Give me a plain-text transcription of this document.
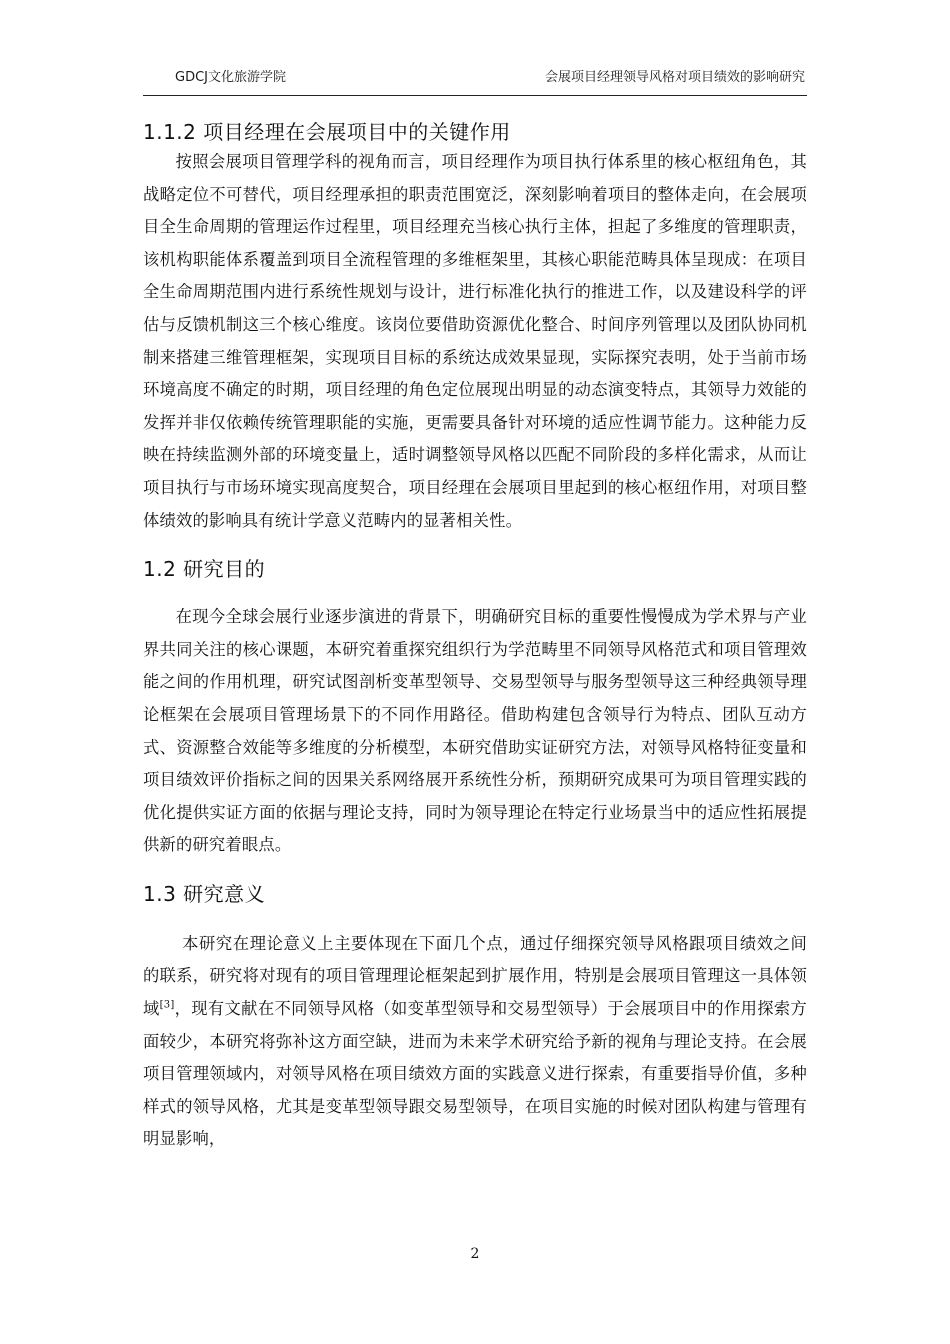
GDCJ文化旅游学院	会展项目经理领导风格对项目绩效的影响研究
1.1.2 项目经理在会展项目中的关键作用

按照会展项目管理学科的视角而言，项目经理作为项目执行体系里的核心枢纽角色，其战略定位不可替代，项目经理承担的职责范围宽泛，深刻影响着项目的整体走向，在会展项目全生命周期的管理运作过程里，项目经理充当核心执行主体，担起了多维度的管理职责，该机构职能体系覆盖到项目全流程管理的多维框架里，其核心职能范畴具体呈现成：在项目全生命周期范围内进行系统性规划与设计，进行标准化执行的推进工作，以及建设科学的评估与反馈机制这三个核心维度。该岗位要借助资源优化整合、时间序列管理以及团队协同机制来搭建三维管理框架，实现项目目标的系统达成效果显现，实际探究表明，处于当前市场环境高度不确定的时期，项目经理的角色定位展现出明显的动态演变特点，其领导力效能的发挥并非仅依赖传统管理职能的实施，更需要具备针对环境的适应性调节能力。这种能力反映在持续监测外部的环境变量上，适时调整领导风格以匹配不同阶段的多样化需求，从而让项目执行与市场环境实现高度契合，项目经理在会展项目里起到的核心枢纽作用，对项目整体绩效的影响具有统计学意义范畴内的显著相关性。

1.2 研究目的

在现今全球会展行业逐步演进的背景下，明确研究目标的重要性慢慢成为学术界与产业界共同关注的核心课题，本研究着重探究组织行为学范畴里不同领导风格范式和项目管理效能之间的作用机理，研究试图剖析变革型领导、交易型领导与服务型领导这三种经典领导理论框架在会展项目管理场景下的不同作用路径。借助构建包含领导行为特点、团队互动方式、资源整合效能等多维度的分析模型，本研究借助实证研究方法，对领导风格特征变量和项目绩效评价指标之间的因果关系网络展开系统性分析，预期研究成果可为项目管理实践的优化提供实证方面的依据与理论支持，同时为领导理论在特定行业场景当中的适应性拓展提供新的研究着眼点。

1.3 研究意义

本研究在理论意义上主要体现在下面几个点，通过仔细探究领导风格跟项目绩效之间的联系，研究将对现有的项目管理理论框架起到扩展作用，特别是会展项目管理这一具体领域[3]，现有文献在不同领导风格（如变革型领导和交易型领导）于会展项目中的作用探索方面较少，本研究将弥补这方面空缺，进而为未来学术研究给予新的视角与理论支持。在会展项目管理领域内，对领导风格在项目绩效方面的实践意义进行探索，有重要指导价值，多种样式的领导风格，尤其是变革型领导跟交易型领导，在项目实施的时候对团队构建与管理有明显影响，

2
